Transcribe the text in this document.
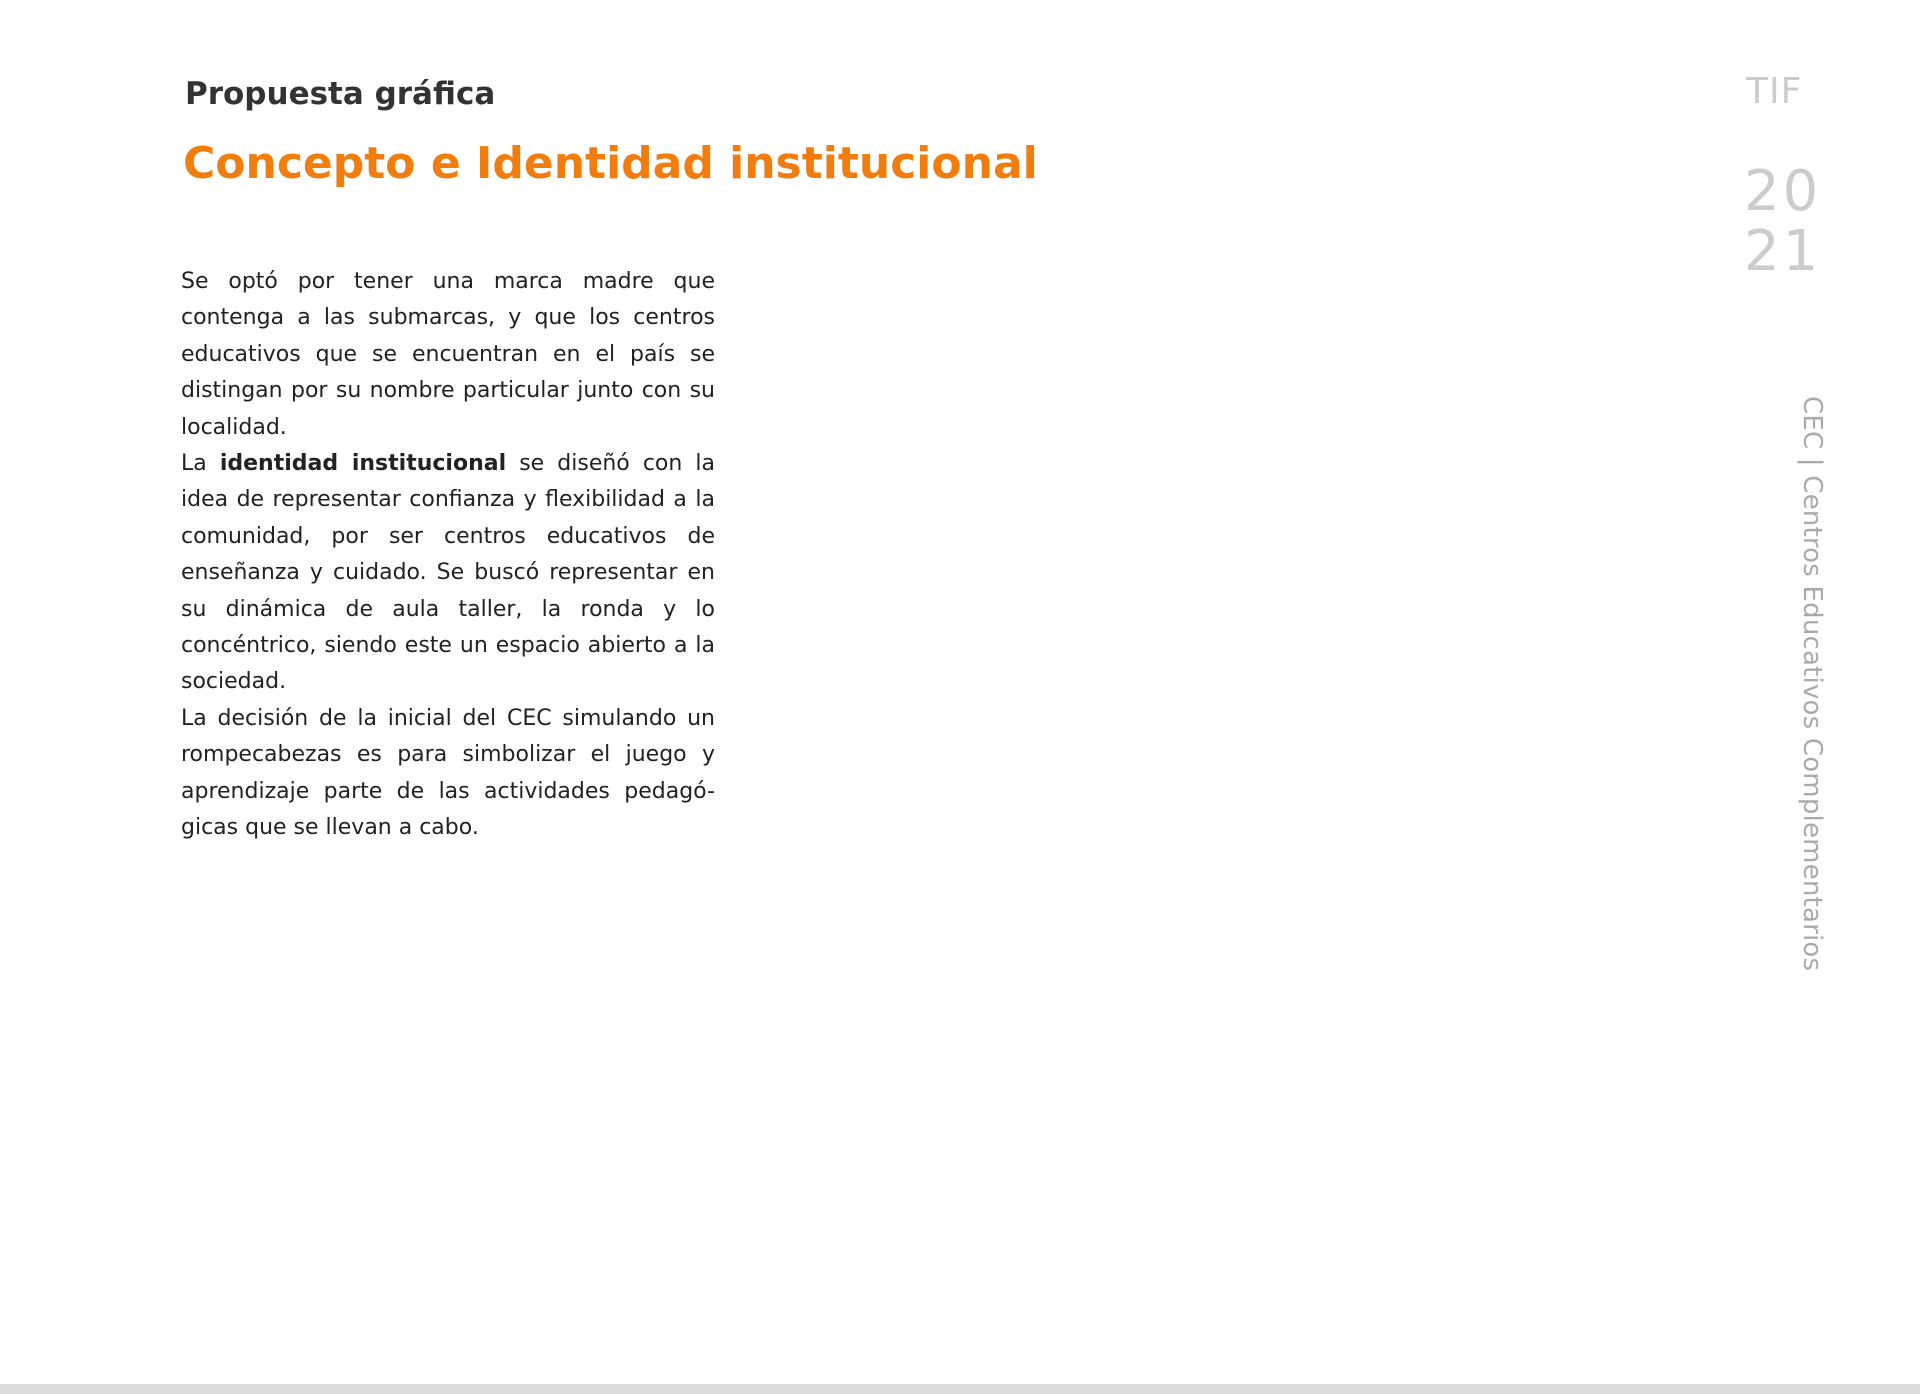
Propuesta gráfica
Concepto e Identidad institucional

Se optó por tener una marca madre que contenga a las submarcas, y que los centros educativos que se encuentran en el país se distingan por su nombre particular junto con su localidad.

La identidad institucional se diseñó con la idea de representar confianza y flexibilidad a la comunidad, por ser centros educativos de enseñanza y cuidado. Se buscó representar en su dinámica de aula taller, la ronda y lo concéntrico, siendo este un espacio abierto a la sociedad.

La decisión de la inicial del CEC simulando un rompecabezas es para simbolizar el juego y aprendizaje parte de las actividades pedagó-

gicas que se llevan a cabo.

TIF
20
21
CEC | Centros Educativos Complementarios
